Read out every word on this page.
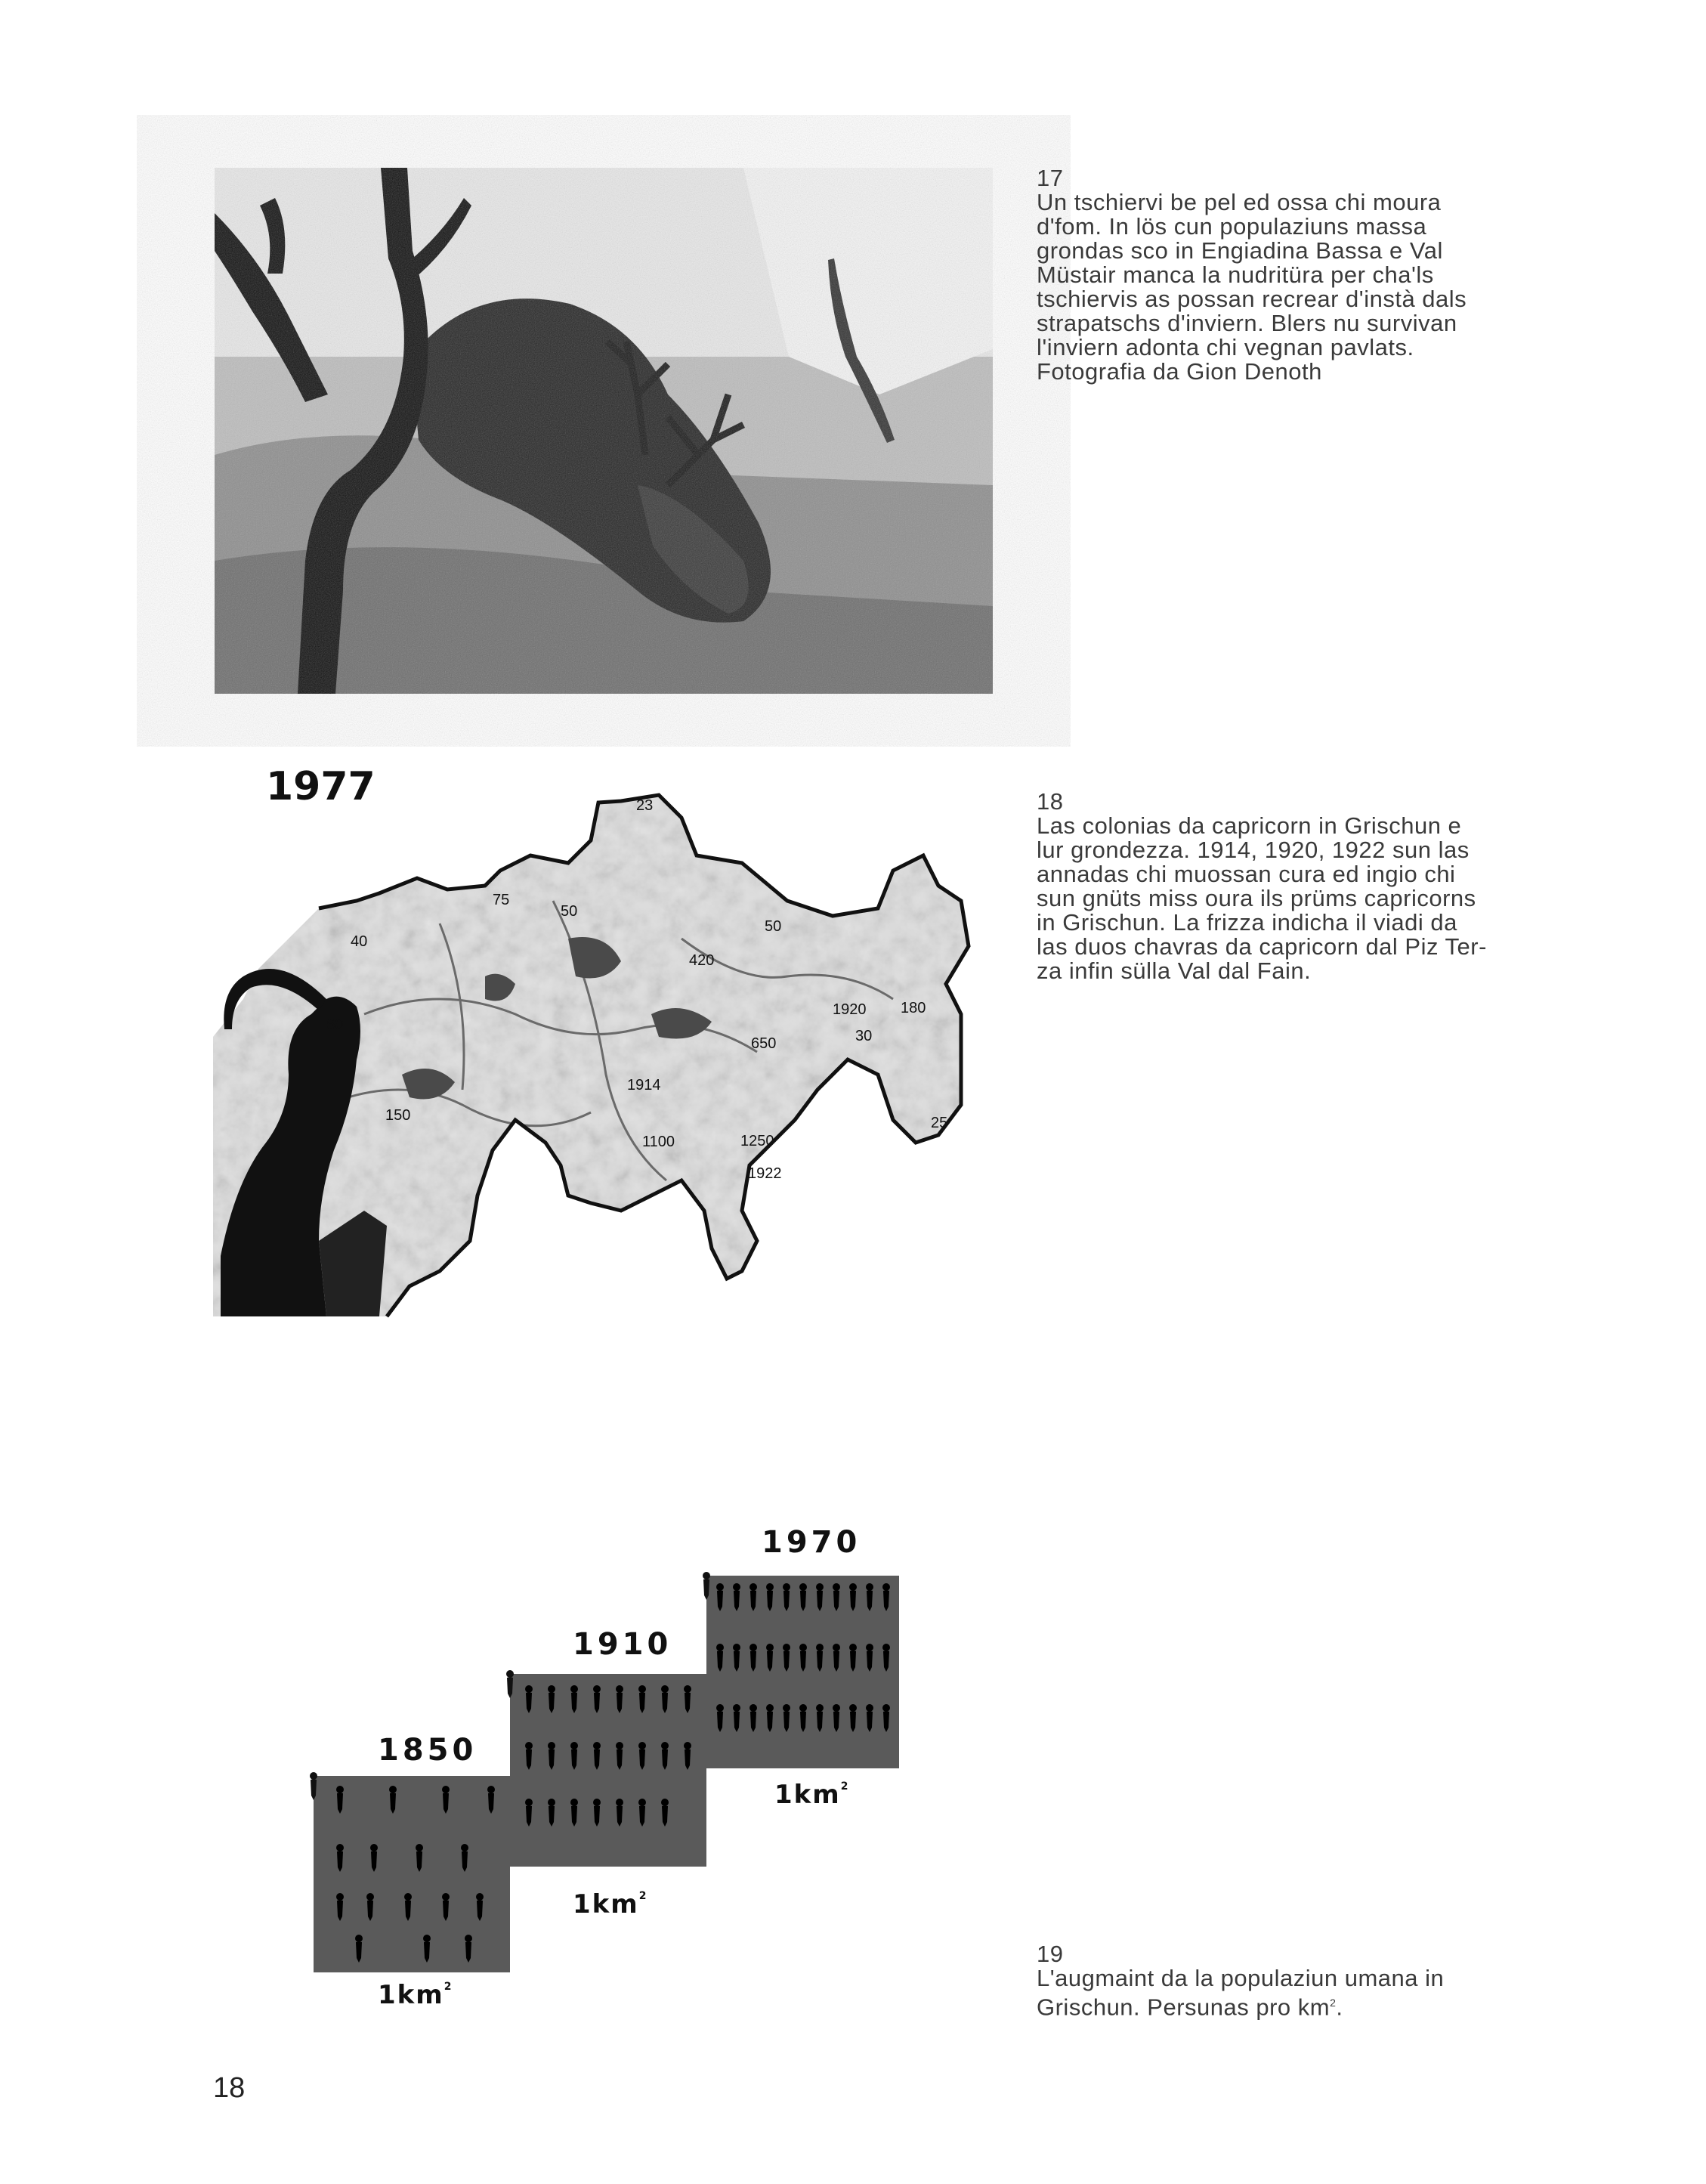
17
Un tschiervi be pel ed ossa chi moura
d'fom. In lös cun populaziuns massa
grondas sco in Engiadina Bassa e Val
Müstair manca la nudritüra per cha'ls
tschiervis as possan recrear d'instà dals
strapatschs d'inviern. Blers nu survivan
l'inviern adonta chi vegnan pavlats.
Fotografia da Gion Denoth
1977	23
75
50
40
60
50
420
1920 180
30
650
1914
150
1100	1250
1922
25
18
Las colonias da capricorn in Grischun e
lur grondezza. 1914, 1920, 1922 sun las
annadas chi muossan cura ed ingio chi
sun gnüts miss oura ils prüms capricorns
in Grischun. La frizza indicha il viadi da
las duos chavras da capricorn dal Piz Ter-
za infin sülla Val dal Fain.
1850
$1km^2$
1910
$1km^2$
1970
$1km^2$
19
L'augmaint da la populaziun umana in
Grischun. Persunas pro $km^2$.
18
